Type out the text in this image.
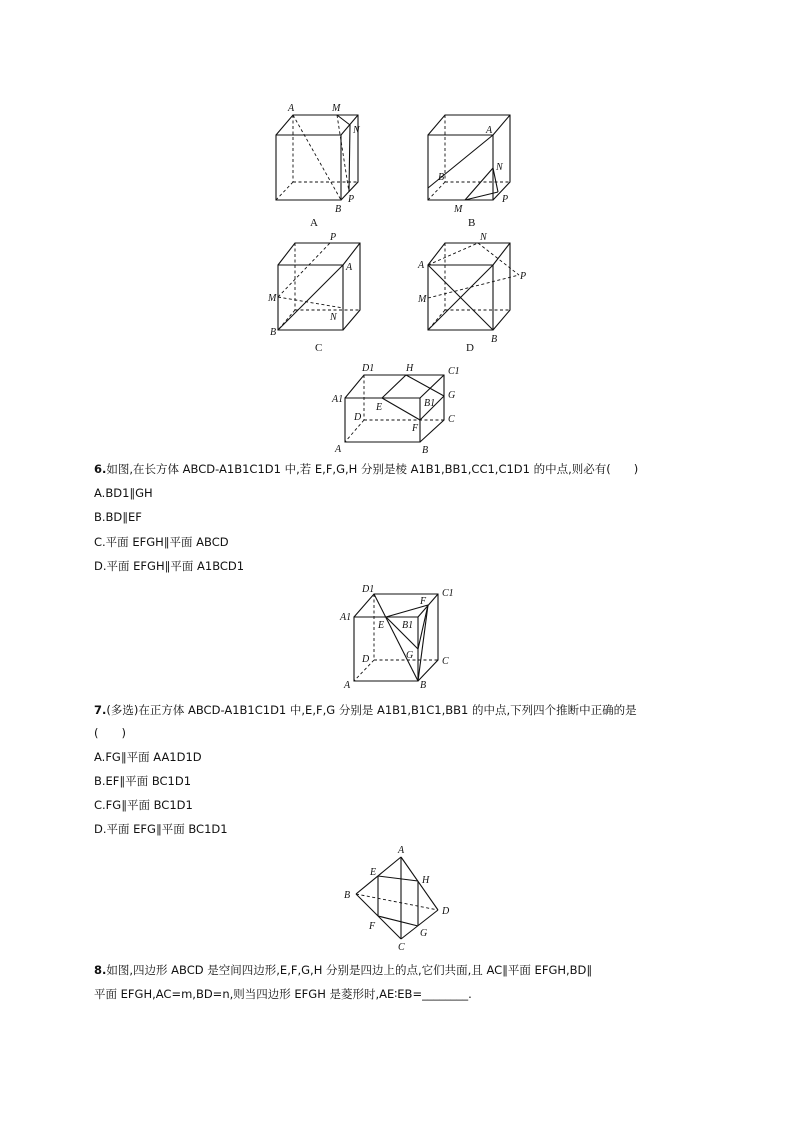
A	M
N
B
P
A
A
N
B
M
P
B
P
A
M
N
B
C
N
A
P
M
B
D
D1	H	C1
A1
E	B1
G
D
F
C
A	B
6.如图,在长方体 ABCD-A1B1C1D1 中,若 E,F,G,H 分别是棱 A1B1,BB1,CC1,C1D1 的中点,则必有(　　)
A.BD1∥GH
B.BD∥EF
C.平面 EFGH∥平面 ABCD
D.平面 EFGH∥平面 A1BCD1
D1
F
C1
A1
E B1
G
D	C
A	B
7.(多选)在正方体 ABCD-A1B1C1D1 中,E,F,G 分别是 A1B1,B1C1,BB1 的中点,下列四个推断中正确的是
(　　)
A.FG∥平面 AA1D1D
B.EF∥平面 BC1D1
C.FG∥平面 BC1D1
D.平面 EFG∥平面 BC1D1
A
E
H
B
D
F
G
C
8.如图,四边形 ABCD 是空间四边形,E,F,G,H 分别是四边上的点,它们共面,且 AC∥平面 EFGH,BD∥
平面 EFGH,AC=m,BD=n,则当四边形 EFGH 是菱形时,AE∶EB=________.
